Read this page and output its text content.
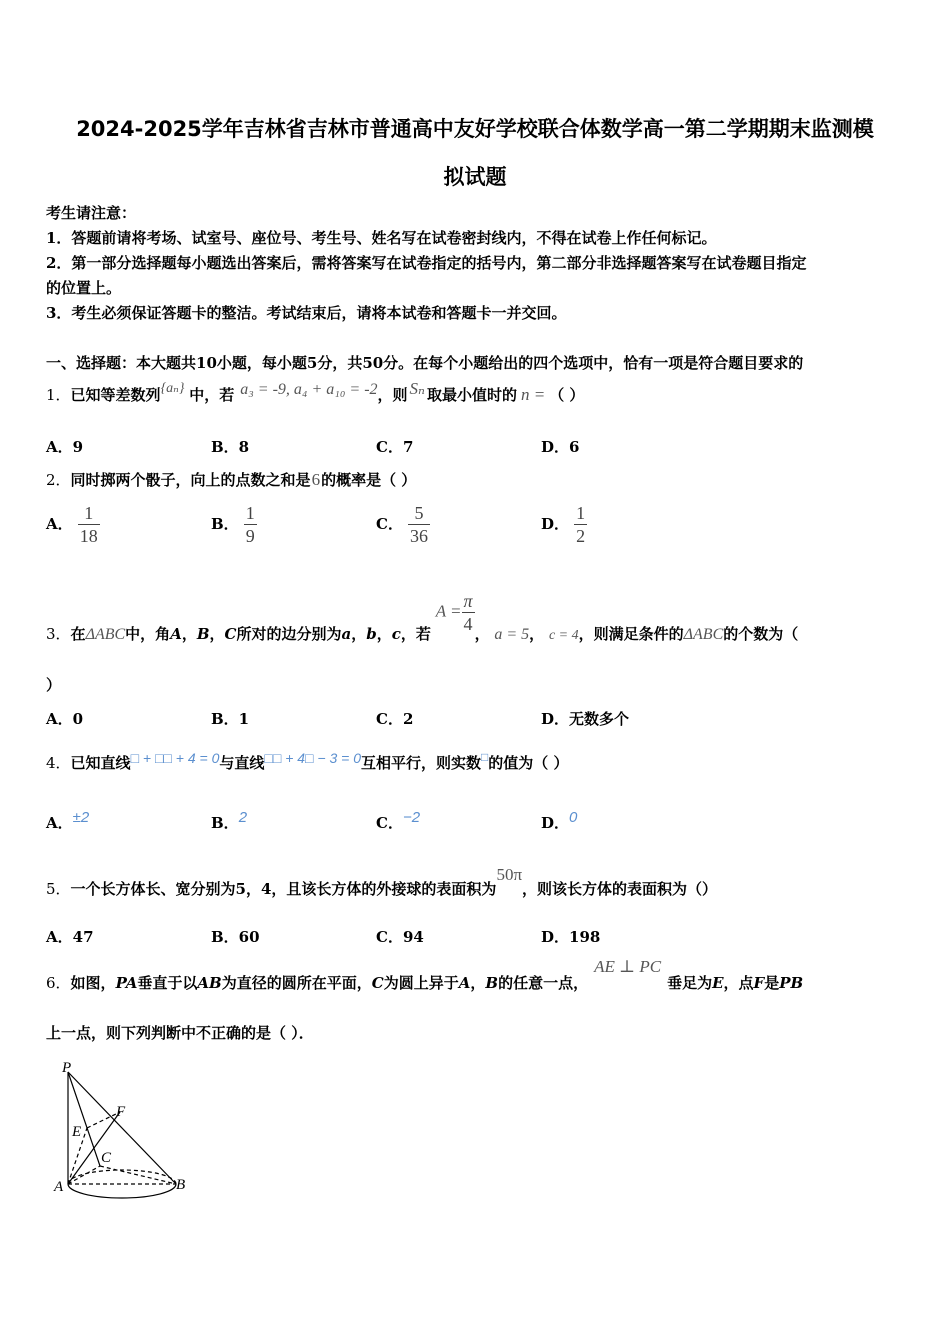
2024-2025学年吉林省吉林市普通高中友好学校联合体数学高一第二学期期末监测模
拟试题
考生请注意：
1．答题前请将考场、试室号、座位号、考生号、姓名写在试卷密封线内，不得在试卷上作任何标记。
2．第一部分选择题每小题选出答案后，需将答案写在试卷指定的括号内，第二部分非选择题答案写在试卷题目指定
的位置上。
3．考生必须保证答题卡的整洁。考试结束后，请将本试卷和答题卡一并交回。
一、选择题：本大题共10小题，每小题5分，共50分。在每个小题给出的四个选项中，恰有一项是符合题目要求的
1．已知等差数列{aₙ} 中，若 a₃ = -9, a₄ + a₁₀ = -2，则 Sₙ 取最小值时的 n = （ ）
A．9	B．8	C．7	D．6
2．同时掷两个骰子，向上的点数之和是6的概率是（ ）
A． $\frac{1}{18}$	B． $\frac{1}{9}$	C． $\frac{5}{36}$	D． $\frac{1}{2}$
3．在ΔABC中，角A，B，C所对的边分别为a，b，c，若 $A = \frac{\pi}{4}$ ， a = 5， c = 4，则满足条件的ΔABC的个数为（
）
A．0	B．1	C．2	D．无数多个
4．已知直线□ + □□ + 4 = 0与直线□□ + 4□ − 3 = 0互相平行，则实数□的值为（ ）
A．±2	B．2	C．−2	D．0
5．一个长方体长、宽分别为5，4，且该长方体的外接球的表面积为50π，则该长方体的表面积为（）
A．47	B．60	C．94	D．198
6．如图，PA垂直于以AB为直径的圆所在平面，C为圆上异于A，B的任意一点，AE ⊥ PC垂足为E，点F是PB
上一点，则下列判断中不正确的是（ ）．
P
F
E
C
A	B
